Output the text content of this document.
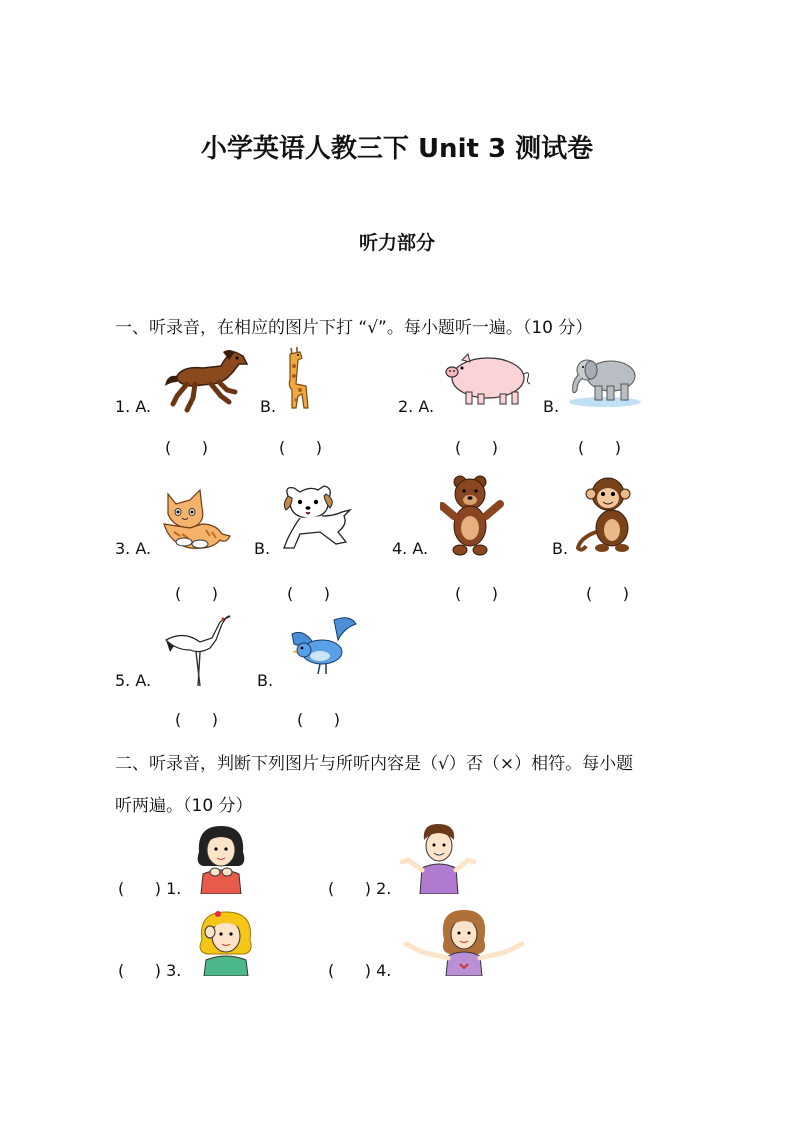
小学英语人教三下 Unit 3 测试卷
听力部分
一、听录音，在相应的图片下打 “√”。每小题听一遍。（10 分）
1. A.	B.	2. A.	B.
(      )	(      )	(      )	(      )
3. A.	B.	4. A.	B.
(      )	(      )	(      )	(      )
5. A.	B.
(      )	(      )
二、听录音，判断下列图片与所听内容是（√）否（×）相符。每小题
听两遍。（10 分）
(      ) 1.	(      ) 2.
(      ) 3.	(      ) 4.
